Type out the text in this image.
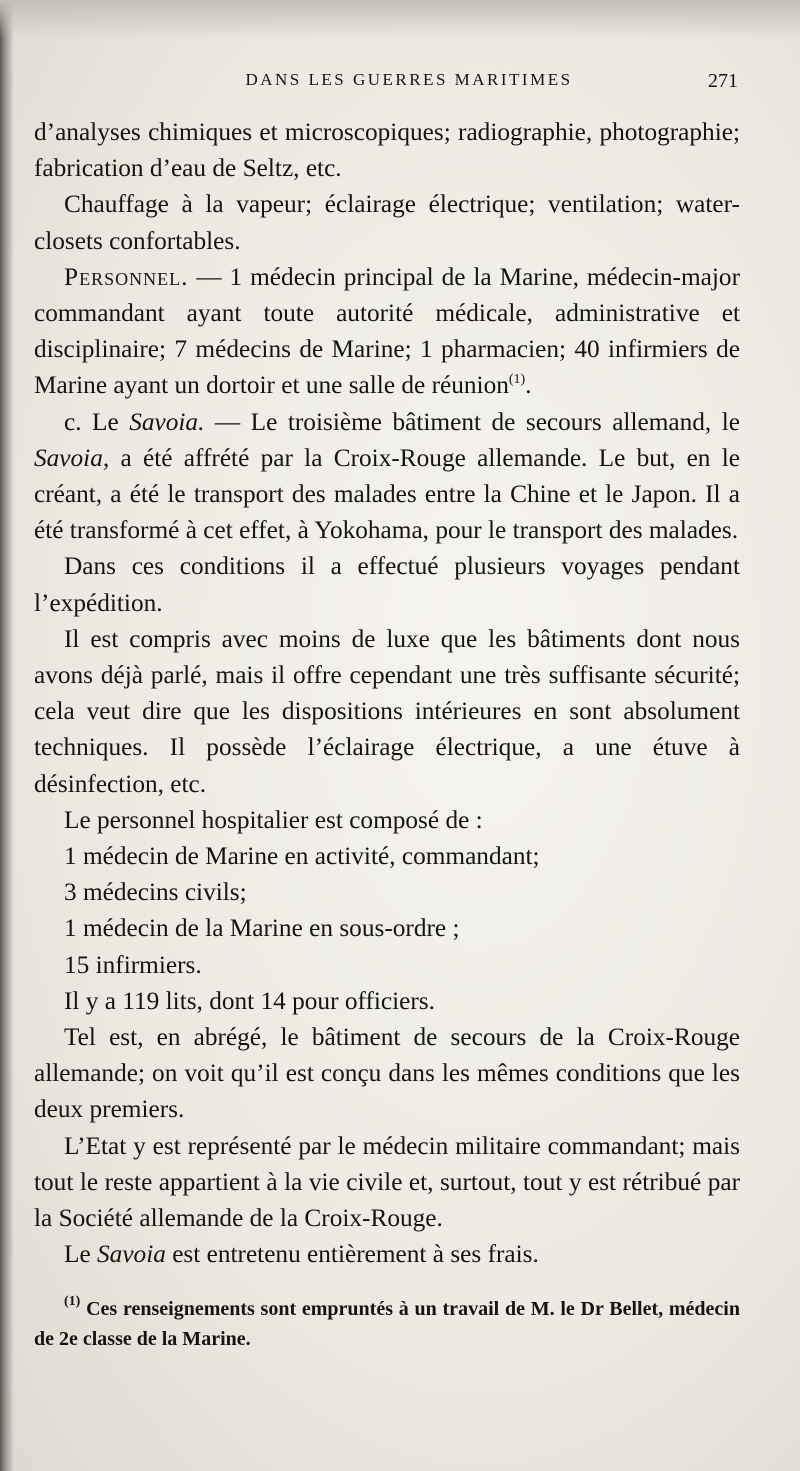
DANS LES GUERRES MARITIMES	271

d’analyses chimiques et microscopiques; radiographie, photographie; fabrication d’eau de Seltz, etc.

Chauffage à la vapeur; éclairage électrique; ventilation; water-closets confortables.

Personnel. — 1 médecin principal de la Marine, médecin-major commandant ayant toute autorité médicale, administrative et disciplinaire; 7 médecins de Marine; 1 pharmacien; 40 infirmiers de Marine ayant un dortoir et une salle de réunion$^{(1)}$.

c. Le Savoia. — Le troisième bâtiment de secours allemand, le Savoia, a été affrété par la Croix-Rouge allemande. Le but, en le créant, a été le transport des malades entre la Chine et le Japon. Il a été transformé à cet effet, à Yokohama, pour le transport des malades.

Dans ces conditions il a effectué plusieurs voyages pendant l’expédition.

Il est compris avec moins de luxe que les bâtiments dont nous avons déjà parlé, mais il offre cependant une très suffisante sécurité; cela veut dire que les dispositions intérieures en sont absolument techniques. Il possède l’éclairage électrique, a une étuve à désinfection, etc.

Le personnel hospitalier est composé de :

1 médecin de Marine en activité, commandant;

3 médecins civils;

1 médecin de la Marine en sous-ordre ;

15 infirmiers.

Il y a 119 lits, dont 14 pour officiers.

Tel est, en abrégé, le bâtiment de secours de la Croix-Rouge allemande; on voit qu’il est conçu dans les mêmes conditions que les deux premiers.

L’Etat y est représenté par le médecin militaire commandant; mais tout le reste appartient à la vie civile et, surtout, tout y est rétribué par la Société allemande de la Croix-Rouge.

Le Savoia est entretenu entièrement à ses frais.

$^{(1)}$ Ces renseignements sont empruntés à un travail de M. le Dr Bellet, médecin de 2e classe de la Marine.
